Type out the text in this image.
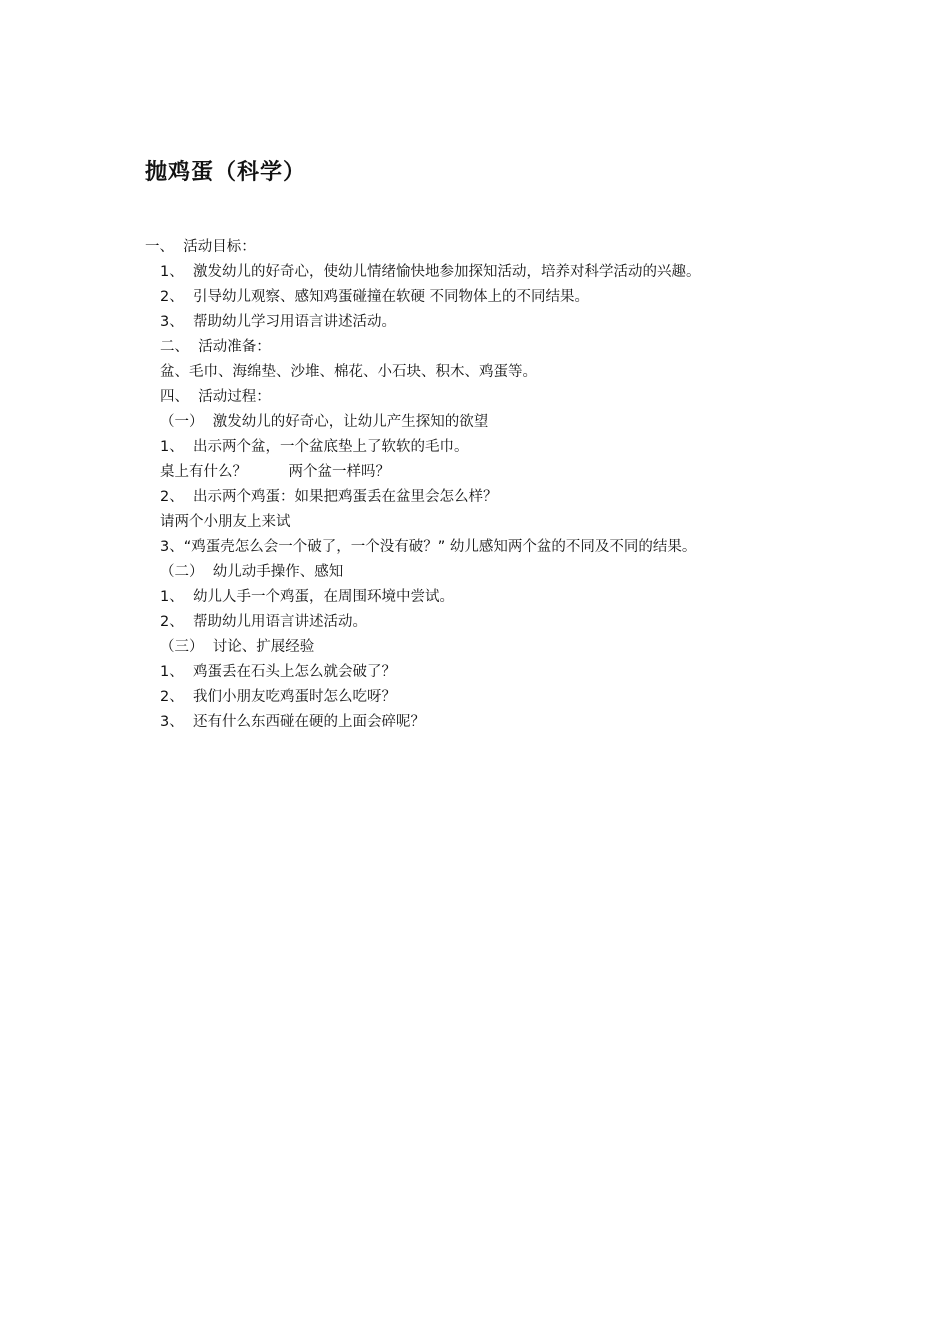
抛鸡蛋（科学）
一、  活动目标：
1、  激发幼儿的好奇心，使幼儿情绪愉快地参加探知活动，培养对科学活动的兴趣。
2、  引导幼儿观察、感知鸡蛋碰撞在软硬 不同物体上的不同结果。
3、  帮助幼儿学习用语言讲述活动。
二、  活动准备：
盆、毛巾、海绵垫、沙堆、棉花、小石块、积木、鸡蛋等。
四、  活动过程：
（一）  激发幼儿的好奇心，让幼儿产生探知的欲望
1、  出示两个盆，一个盆底垫上了软软的毛巾。
桌上有什么？         两个盆一样吗？
2、  出示两个鸡蛋：如果把鸡蛋丢在盆里会怎么样？
请两个小朋友上来试
3、“鸡蛋壳怎么会一个破了，一个没有破？” 幼儿感知两个盆的不同及不同的结果。
（二）  幼儿动手操作、感知
1、  幼儿人手一个鸡蛋，在周围环境中尝试。
2、  帮助幼儿用语言讲述活动。
（三）  讨论、扩展经验
1、  鸡蛋丢在石头上怎么就会破了？
2、  我们小朋友吃鸡蛋时怎么吃呀？
3、  还有什么东西碰在硬的上面会碎呢？
